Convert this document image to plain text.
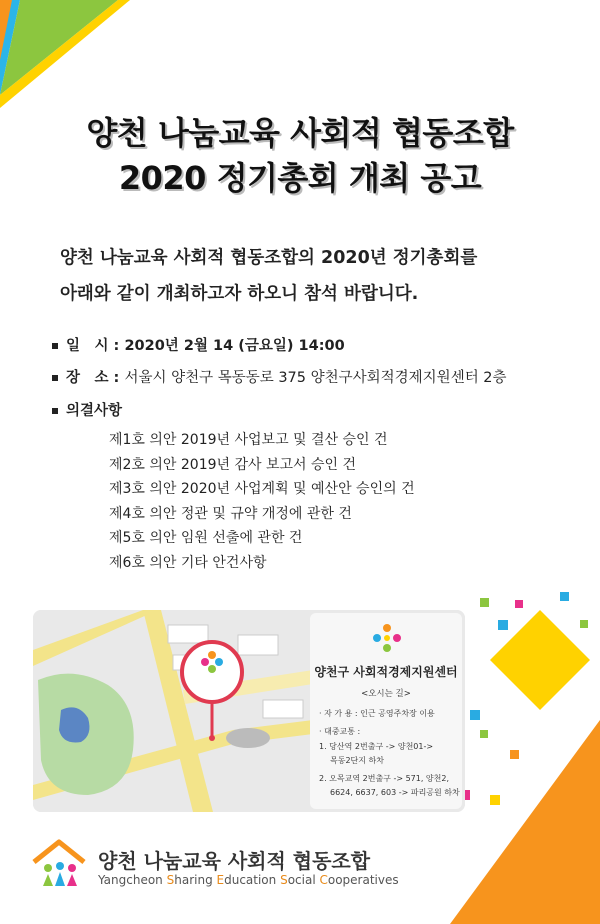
양천 나눔교육 사회적 협동조합
2020 정기총회 개최 공고
양천 나눔교육 사회적 협동조합의 2020년 정기총회를
아래와 같이 개최하고자 하오니 참석 바랍니다.
일　시 : 2020년 2월 14 (금요일) 14:00
장　소 : 서울시 양천구 목동동로 375 양천구사회적경제지원센터 2층
의결사항
제1호 의안 2019년 사업보고 및 결산 승인 건
제2호 의안 2019년 감사 보고서 승인 건
제3호 의안 2020년 사업계획 및 예산안 승인의 건
제4호 의안 정관 및 규약 개정에 관한 건
제5호 의안 임원 선출에 관한 건
제6호 의안 기타 안건사항
양천구 사회적경제지원센터
<오시는 길>
· 자 가 용 : 인근 공영주차장 이용
· 대중교통 :
1. 당산역 2번출구 -> 양천01->
목동2단지 하차
2. 오목교역 2번출구 -> 571, 양천2,
6624, 6637, 603 -> 파리공원 하차
양천 나눔교육 사회적 협동조합
Yangcheon Sharing Education Social Cooperatives
